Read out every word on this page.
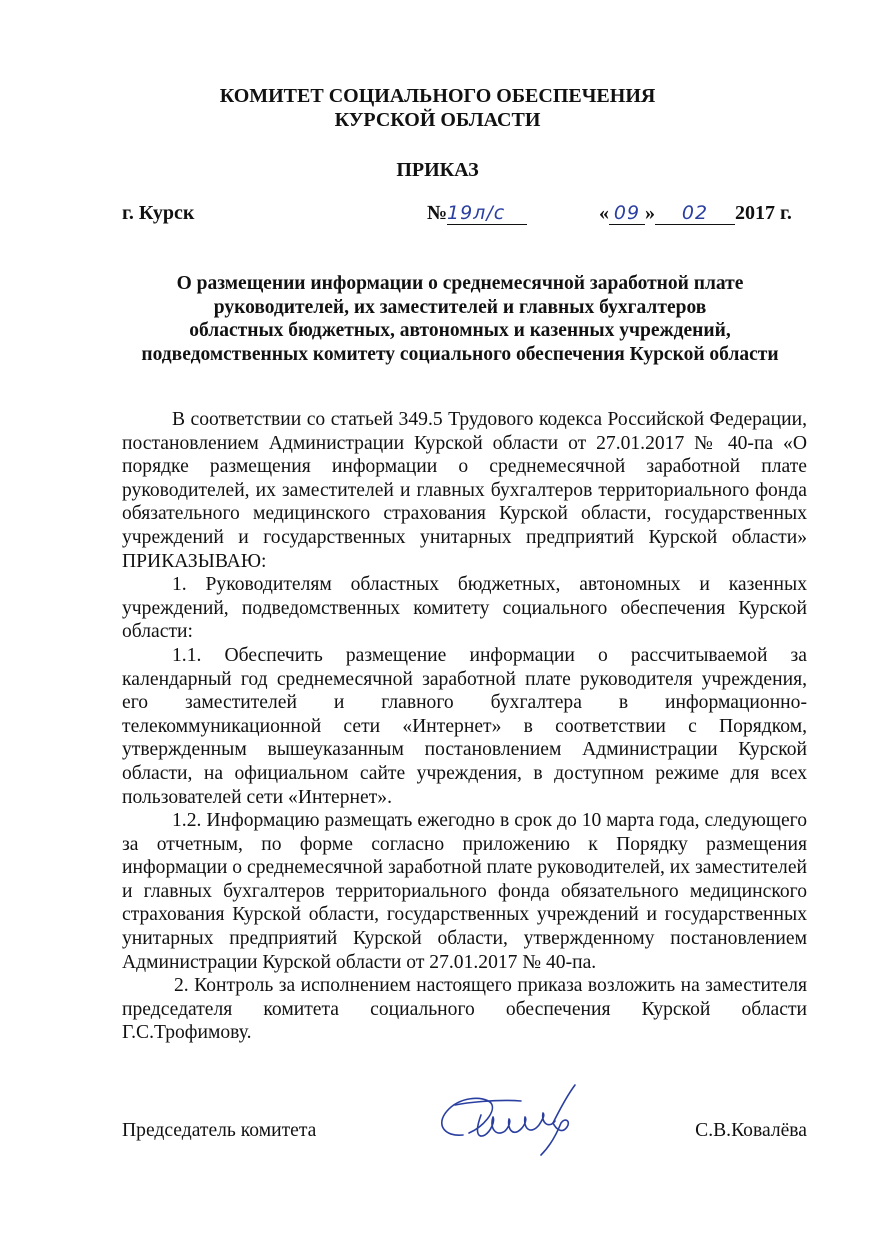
КОМИТЕТ СОЦИАЛЬНОГО ОБЕСПЕЧЕНИЯ
КУРСКОЙ ОБЛАСТИ
ПРИКАЗ
г. Курск	№ 19л/с	« 09 » 02 2017 г.
О размещении информации о среднемесячной заработной плате
руководителей, их заместителей и главных бухгалтеров
областных бюджетных, автономных и казенных учреждений,
подведомственных комитету социального обеспечения Курской области

В соответствии со статьей 349.5 Трудового кодекса Российской Федерации, постановлением Администрации Курской области от 27.01.2017 № 40-па «О порядке размещения информации о среднемесячной заработной плате руководителей, их заместителей и главных бухгалтеров территориального фонда обязательного медицинского страхования Курской области, государственных учреждений и государственных унитарных предприятий Курской области» ПРИКАЗЫВАЮ:

1. Руководителям областных бюджетных, автономных и казенных учреждений, подведомственных комитету социального обеспечения Курской области:

1.1. Обеспечить размещение информации о рассчитываемой за календарный год среднемесячной заработной плате руководителя учреждения, его заместителей и главного бухгалтера в информационно-телекоммуникационной сети «Интернет» в соответствии с Порядком, утвержденным вышеуказанным постановлением Администрации Курской области, на официальном сайте учреждения, в доступном режиме для всех пользователей сети «Интернет».

1.2. Информацию размещать ежегодно в срок до 10 марта года, следующего за отчетным, по форме согласно приложению к Порядку размещения информации о среднемесячной заработной плате руководителей, их заместителей и главных бухгалтеров территориального фонда обязательного медицинского страхования Курской области, государственных учреждений и государственных унитарных предприятий Курской области, утвержденному постановлением Администрации Курской области от 27.01.2017 № 40-па.

2. Контроль за исполнением настоящего приказа возложить на заместителя председателя комитета социального обеспечения Курской области Г.С.Трофимову.

Председатель комитета	С.В.Ковалёва
